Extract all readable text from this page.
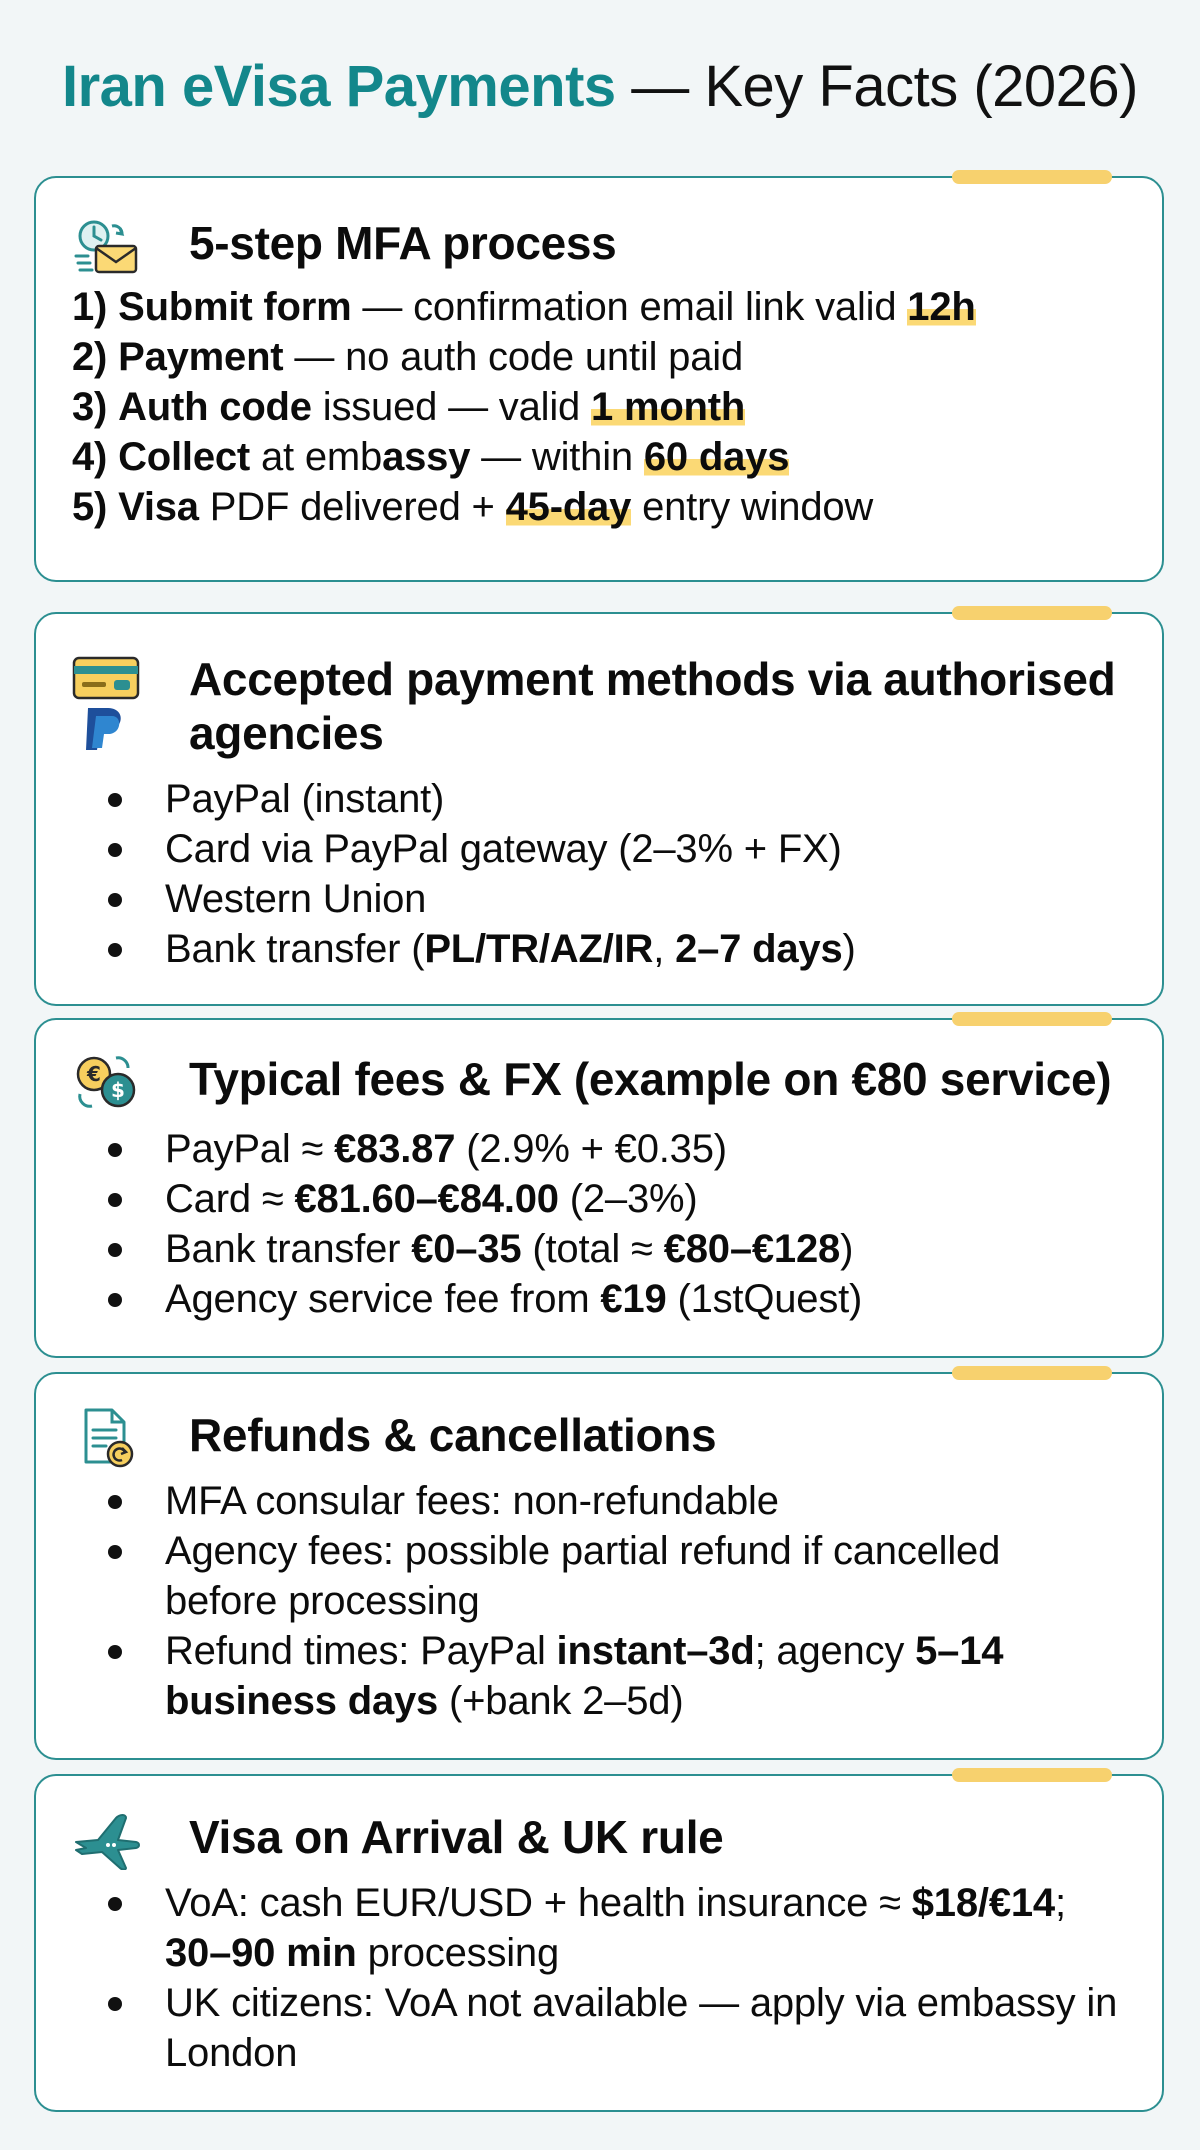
Iran eVisa Payments — Key Facts (2026)
5-step MFA process
1) Submit form — confirmation email link valid 12h
2) Payment — no auth code until paid
3) Auth code issued — valid 1 month
4) Collect at embassy — within 60 days
5) Visa PDF delivered + 45-day entry window
Accepted payment methods via authorised agencies
PayPal (instant)
Card via PayPal gateway (2–3% + FX)
Western Union
Bank transfer (PL/TR/AZ/IR, 2–7 days)
€
$ Typical fees & FX (example on €80 service)
PayPal ≈ €83.87 (2.9% + €0.35)
Card ≈ €81.60–€84.00 (2–3%)
Bank transfer €0–35 (total ≈ €80–€128)
Agency service fee from €19 (1stQuest)
Refunds & cancellations
MFA consular fees: non-refundable
Agency fees: possible partial refund if cancelled before processing
Refund times: PayPal instant–3d; agency 5–14 business days (+bank 2–5d)
Visa on Arrival & UK rule
VoA: cash EUR/USD + health insurance ≈ $18/€14; 30–90 min processing
UK citizens: VoA not available — apply via embassy in London
